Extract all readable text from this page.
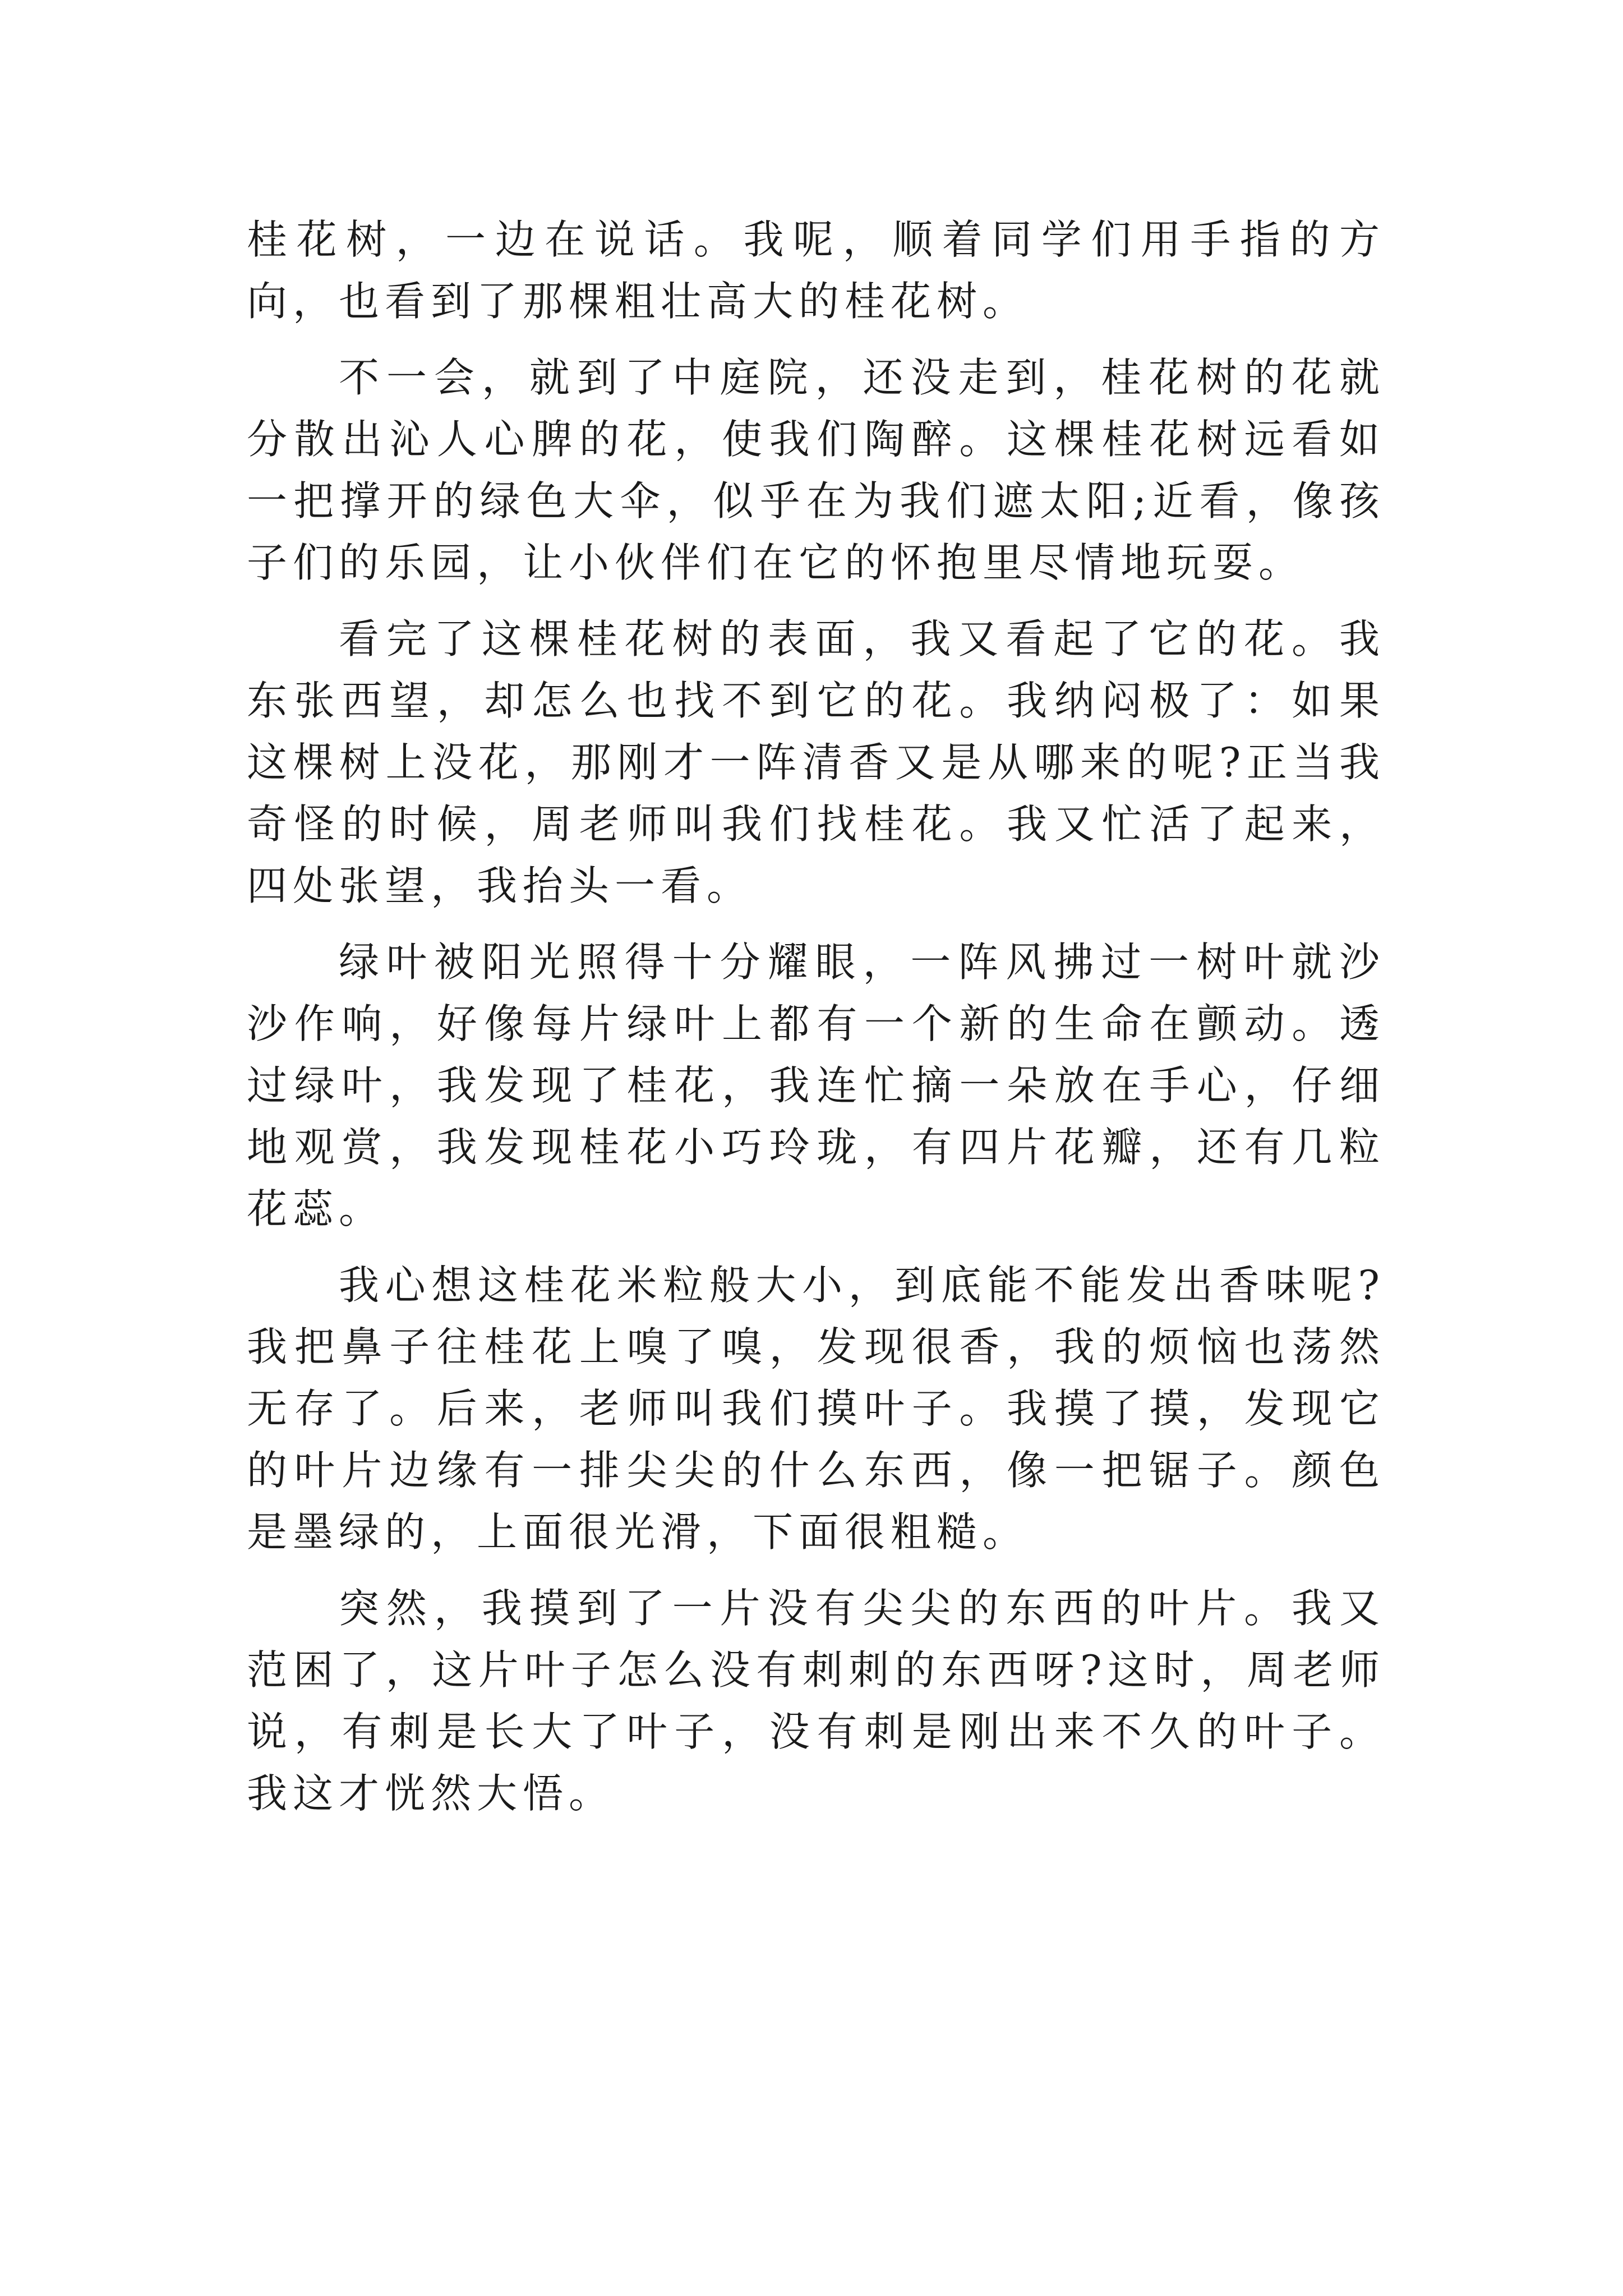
桂花树，一边在说话。我呢，顺着同学们用手指的方向，也看到了那棵粗壮高大的桂花树。

不一会，就到了中庭院，还没走到，桂花树的花就分散出沁人心脾的花，使我们陶醉。这棵桂花树远看如一把撑开的绿色大伞，似乎在为我们遮太阳;近看，像孩子们的乐园，让小伙伴们在它的怀抱里尽情地玩耍。

看完了这棵桂花树的表面，我又看起了它的花。我东张西望，却怎么也找不到它的花。我纳闷极了：如果这棵树上没花，那刚才一阵清香又是从哪来的呢?正当我奇怪的时候，周老师叫我们找桂花。我又忙活了起来，四处张望，我抬头一看。

绿叶被阳光照得十分耀眼，一阵风拂过一树叶就沙沙作响，好像每片绿叶上都有一个新的生命在颤动。透过绿叶，我发现了桂花，我连忙摘一朵放在手心，仔细地观赏，我发现桂花小巧玲珑，有四片花瓣，还有几粒花蕊。

我心想这桂花米粒般大小，到底能不能发出香味呢?我把鼻子往桂花上嗅了嗅，发现很香，我的烦恼也荡然无存了。后来，老师叫我们摸叶子。我摸了摸，发现它的叶片边缘有一排尖尖的什么东西，像一把锯子。颜色是墨绿的，上面很光滑，下面很粗糙。

突然，我摸到了一片没有尖尖的东西的叶片。我又范困了，这片叶子怎么没有刺刺的东西呀?这时，周老师说，有刺是长大了叶子，没有刺是刚出来不久的叶子。我这才恍然大悟。
